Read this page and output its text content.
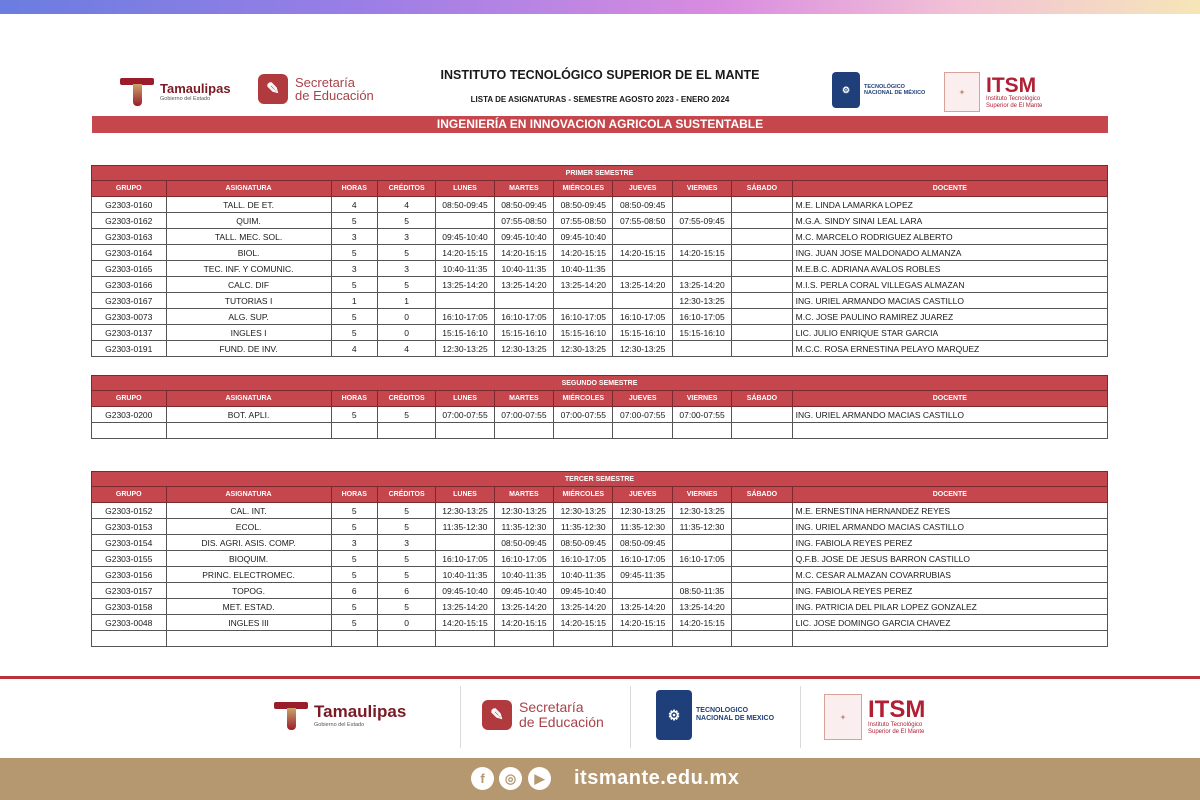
Tamaulipas
Gobierno del Estado
✎	Secretaría
de Educación
INSTITUTO TECNOLÓGICO SUPERIOR DE EL MANTE
LISTA DE ASIGNATURAS - SEMESTRE AGOSTO 2023 - ENERO 2024
⚙	TECNOLÓGICO
NACIONAL DE MÉXICO	✦ ITSM
Instituto Tecnológico
Superior de El Mante
INGENIERÍA EN INNOVACION AGRICOLA SUSTENTABLE
PRIMER SEMESTRE										
GRUPO	ASIGNATURA	HORAS	CRÉDITOS	LUNES	MARTES	MIÉRCOLES	JUEVES	VIERNES	SÁBADO	DOCENTE
G2303-0160	TALL. DE ET.	4	4	08:50-09:45	08:50-09:45	08:50-09:45	08:50-09:45			M.E. LINDA LAMARKA LOPEZ
G2303-0162	QUIM.	5	5		07:55-08:50	07:55-08:50	07:55-08:50	07:55-09:45		M.G.A. SINDY SINAI LEAL LARA
G2303-0163	TALL. MEC. SOL.	3	3	09:45-10:40	09:45-10:40	09:45-10:40				M.C. MARCELO RODRIGUEZ ALBERTO
G2303-0164	BIOL.	5	5	14:20-15:15	14:20-15:15	14:20-15:15	14:20-15:15	14:20-15:15		ING. JUAN JOSE MALDONADO ALMANZA
G2303-0165	TEC. INF. Y COMUNIC.	3	3	10:40-11:35	10:40-11:35	10:40-11:35				M.E.B.C. ADRIANA AVALOS ROBLES
G2303-0166	CALC. DIF	5	5	13:25-14:20	13:25-14:20	13:25-14:20	13:25-14:20	13:25-14:20		M.I.S. PERLA CORAL VILLEGAS ALMAZAN
G2303-0167	TUTORIAS I	1	1					12:30-13:25		ING. URIEL ARMANDO MACIAS CASTILLO
G2303-0073	ALG. SUP.	5	0	16:10-17:05	16:10-17:05	16:10-17:05	16:10-17:05	16:10-17:05		M.C. JOSE PAULINO RAMIREZ JUAREZ
G2303-0137	INGLES I	5	0	15:15-16:10	15:15-16:10	15:15-16:10	15:15-16:10	15:15-16:10		LIC. JULIO ENRIQUE STAR GARCIA
G2303-0191	FUND. DE INV.	4	4	12:30-13:25	12:30-13:25	12:30-13:25	12:30-13:25			M.C.C. ROSA ERNESTINA PELAYO MARQUEZ
SEGUNDO SEMESTRE										
GRUPO	ASIGNATURA	HORAS	CRÉDITOS	LUNES	MARTES	MIÉRCOLES	JUEVES	VIERNES	SÁBADO	DOCENTE
G2303-0200	BOT. APLI.	5	5	07:00-07:55	07:00-07:55	07:00-07:55	07:00-07:55	07:00-07:55		ING. URIEL ARMANDO MACIAS CASTILLO

TERCER SEMESTRE										
GRUPO	ASIGNATURA	HORAS	CRÉDITOS	LUNES	MARTES	MIÉRCOLES	JUEVES	VIERNES	SÁBADO	DOCENTE
G2303-0152	CAL. INT.	5	5	12:30-13:25	12:30-13:25	12:30-13:25	12:30-13:25	12:30-13:25		M.E. ERNESTINA HERNANDEZ REYES
G2303-0153	ECOL.	5	5	11:35-12:30	11:35-12:30	11:35-12:30	11:35-12:30	11:35-12:30		ING. URIEL ARMANDO MACIAS CASTILLO
G2303-0154	DIS. AGRI. ASIS. COMP.	3	3		08:50-09:45	08:50-09:45	08:50-09:45			ING. FABIOLA REYES PEREZ
G2303-0155	BIOQUIM.	5	5	16:10-17:05	16:10-17:05	16:10-17:05	16:10-17:05	16:10-17:05		Q.F.B. JOSE DE JESUS BARRON CASTILLO
G2303-0156	PRINC. ELECTROMEC.	5	5	10:40-11:35	10:40-11:35	10:40-11:35	09:45-11:35			M.C. CESAR ALMAZAN COVARRUBIAS
G2303-0157	TOPOG.	6	6	09:45-10:40	09:45-10:40	09:45-10:40		08:50-11:35		ING. FABIOLA REYES PEREZ
G2303-0158	MET. ESTAD.	5	5	13:25-14:20	13:25-14:20	13:25-14:20	13:25-14:20	13:25-14:20		ING. PATRICIA DEL PILAR LOPEZ GONZALEZ
G2303-0048	INGLES III	5	0	14:20-15:15	14:20-15:15	14:20-15:15	14:20-15:15	14:20-15:15		LIC. JOSE DOMINGO GARCIA CHAVEZ

Tamaulipas
Gobierno del Estado
✎	Secretaría
de Educación	⚙	TECNOLOGICO
NACIONAL DE MEXICO	✦ ITSM
Instituto Tecnológico
Superior de El Mante
f	◎	▶	itsmante.edu.mx
